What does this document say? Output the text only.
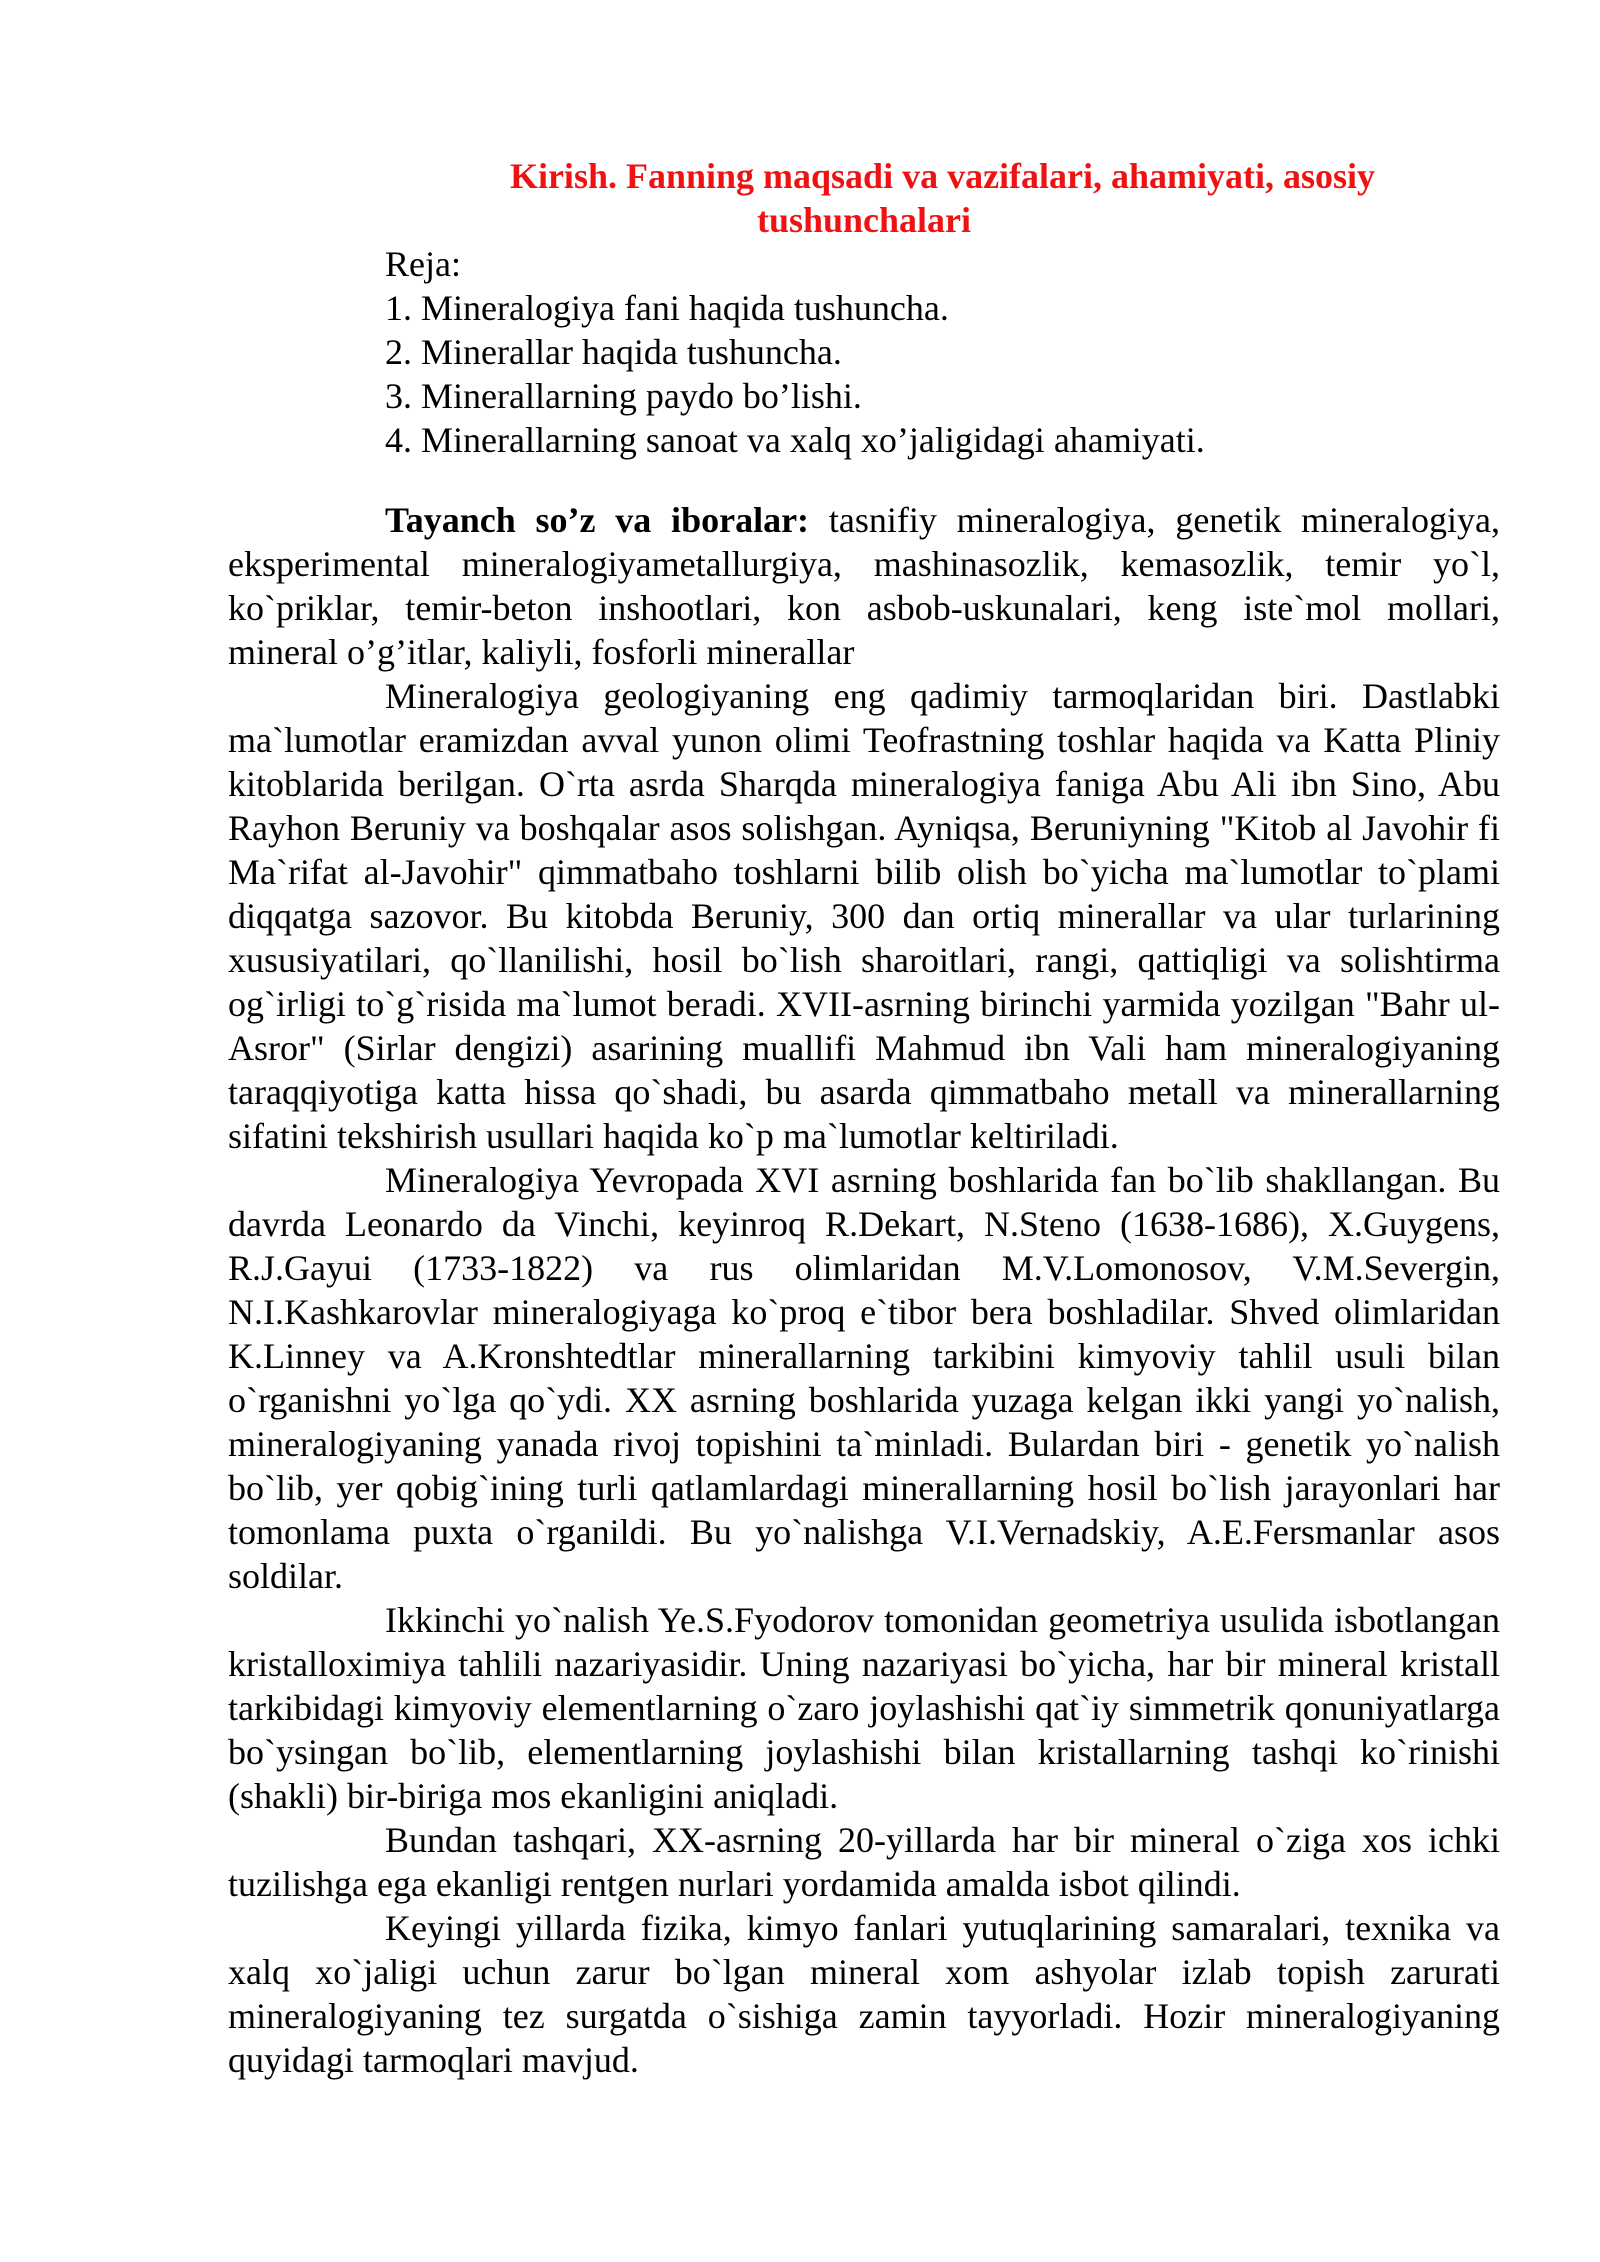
Kirish. Fanning maqsadi va vazifalari, ahamiyati, asosiy
tushunchalari
Reja:
1. Mineralogiya fani haqida tushuncha.
2. Minerallar haqida tushuncha.
3. Minerallarning paydo bo’lishi.
4. Minerallarning sanoat va xalq xo’jaligidagi ahamiyati.

Tayanch so’z va iboralar: tasnifiy mineralogiya, genetik mineralogiya, eksperimental mineralogiyametallurgiya, mashinasozlik, kemasozlik, temir yo`l, ko`priklar, temir-beton inshootlari, kon asbob-uskunalari, keng iste`mol mollari, mineral o’g’itlar, kaliyli, fosforli minerallar

Mineralogiya geologiyaning eng qadimiy tarmoqlaridan biri. Dastlabki ma`lumotlar eramizdan avval yunon olimi Teofrastning toshlar haqida va Katta Pliniy kitoblarida berilgan. O`rta asrda Sharqda mineralogiya faniga Abu Ali ibn Sino, Abu Rayhon Beruniy va boshqalar asos solishgan. Ayniqsa, Beruniyning "Kitob al Javohir fi Ma`rifat al-Javohir" qimmatbaho toshlarni bilib olish bo`yicha ma`lumotlar to`plami diqqatga sazovor. Bu kitobda Beruniy, 300 dan ortiq minerallar va ular turlarining xususiyatilari, qo`llanilishi, hosil bo`lish sharoitlari, rangi, qattiqligi va solishtirma og`irligi to`g`risida ma`lumot beradi. XVII-asrning birinchi yarmida yozilgan "Bahr ul-Asror" (Sirlar dengizi) asarining muallifi Mahmud ibn Vali ham mineralogiyaning taraqqiyotiga katta hissa qo`shadi, bu asarda qimmatbaho metall va minerallarning sifatini tekshirish usullari haqida ko`p ma`lumotlar keltiriladi.

Mineralogiya Yevropada XVI asrning boshlarida fan bo`lib shakllangan. Bu davrda Leonardo da Vinchi, keyinroq R.Dekart, N.Steno (1638-1686), X.Guygens, R.J.Gayui (1733-1822) va rus olimlaridan M.V.Lomonosov, V.M.Severgin, N.I.Kashkarovlar mineralogiyaga ko`proq e`tibor bera boshladilar. Shved olimlaridan K.Linney va A.Kronshtedtlar minerallarning tarkibini kimyoviy tahlil usuli bilan o`rganishni yo`lga qo`ydi. XX asrning boshlarida yuzaga kelgan ikki yangi yo`nalish, mineralogiyaning yanada rivoj topishini ta`minladi. Bulardan biri - genetik yo`nalish bo`lib, yer qobig`ining turli qatlamlardagi minerallarning hosil bo`lish jarayonlari har tomonlama puxta o`rganildi. Bu yo`nalishga V.I.Vernadskiy, A.E.Fersmanlar asos soldilar.

Ikkinchi yo`nalish Ye.S.Fyodorov tomonidan geometriya usulida isbotlangan kristalloximiya tahlili nazariyasidir. Uning nazariyasi bo`yicha, har bir mineral kristall tarkibidagi kimyoviy elementlarning o`zaro joylashishi qat`iy simmetrik qonuniyatlarga bo`ysingan bo`lib, elementlarning joylashishi bilan kristallarning tashqi ko`rinishi (shakli) bir-biriga mos ekanligini aniqladi.

Bundan tashqari, XX-asrning 20-yillarda har bir mineral o`ziga xos ichki tuzilishga ega ekanligi rentgen nurlari yordamida amalda isbot qilindi.

Keyingi yillarda fizika, kimyo fanlari yutuqlarining samaralari, texnika va xalq xo`jaligi uchun zarur bo`lgan mineral xom ashyolar izlab topish zarurati mineralogiyaning tez surgatda o`sishiga zamin tayyorladi. Hozir mineralogiyaning quyidagi tarmoqlari mavjud.
